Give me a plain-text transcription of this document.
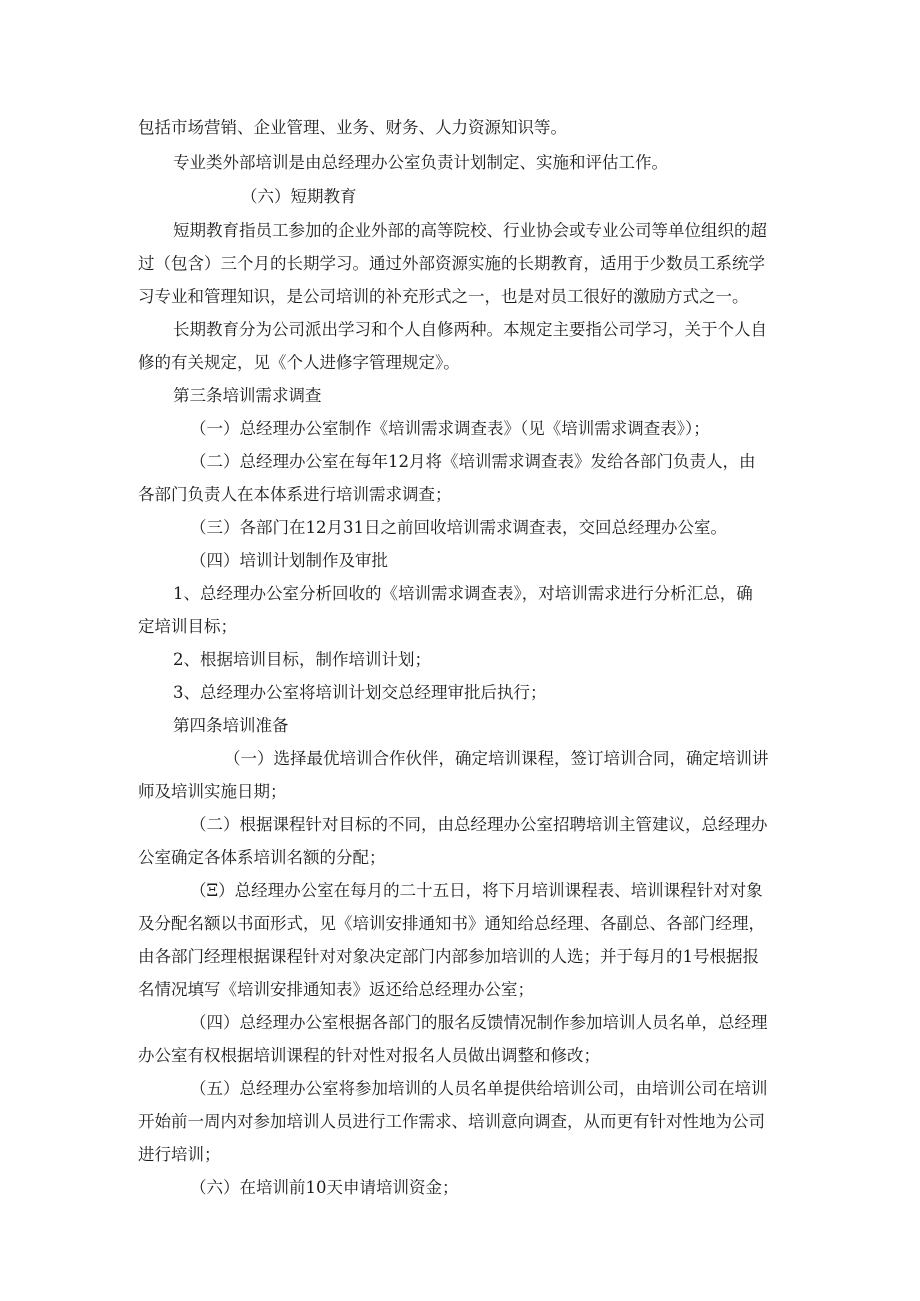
包括市场营销、企业管理、业务、财务、人力资源知识等。

专业类外部培训是由总经理办公室负责计划制定、实施和评估工作。

（六）短期教育

短期教育指员工参加的企业外部的高等院校、行业协会或专业公司等单位组织的超

过（包含）三个月的长期学习。通过外部资源实施的长期教育，适用于少数员工系统学

习专业和管理知识，是公司培训的补充形式之一，也是对员工很好的激励方式之一。

长期教育分为公司派出学习和个人自修两种。本规定主要指公司学习，关于个人自

修的有关规定，见《个人进修字管理规定》。

第三条培训需求调查

（一）总经理办公室制作《培训需求调查表》（见《培训需求调查表》）；

（二）总经理办公室在每年12月将《培训需求调查表》发给各部门负责人，由

各部门负责人在本体系进行培训需求调查；

（三）各部门在12月31日之前回收培训需求调查表，交回总经理办公室。

（四）培训计划制作及审批

1、总经理办公室分析回收的《培训需求调查表》，对培训需求进行分析汇总，确

定培训目标；

2、根据培训目标，制作培训计划；

3、总经理办公室将培训计划交总经理审批后执行；

第四条培训准备

（一）选择最优培训合作伙伴，确定培训课程，签订培训合同，确定培训讲

师及培训实施日期；

（二）根据课程针对目标的不同，由总经理办公室招聘培训主管建议，总经理办

公室确定各体系培训名额的分配；

（Ξ）总经理办公室在每月的二十五日，将下月培训课程表、培训课程针对对象

及分配名额以书面形式，见《培训安排通知书》通知给总经理、各副总、各部门经理，

由各部门经理根据课程针对对象决定部门内部参加培训的人选；并于每月的1号根据报

名情况填写《培训安排通知表》返还给总经理办公室；

（四）总经理办公室根据各部门的服名反馈情况制作参加培训人员名单，总经理

办公室有权根据培训课程的针对性对报名人员做出调整和修改；

（五）总经理办公室将参加培训的人员名单提供给培训公司，由培训公司在培训

开始前一周内对参加培训人员进行工作需求、培训意向调查，从而更有针对性地为公司

进行培训；

（六）在培训前10天申请培训资金；
